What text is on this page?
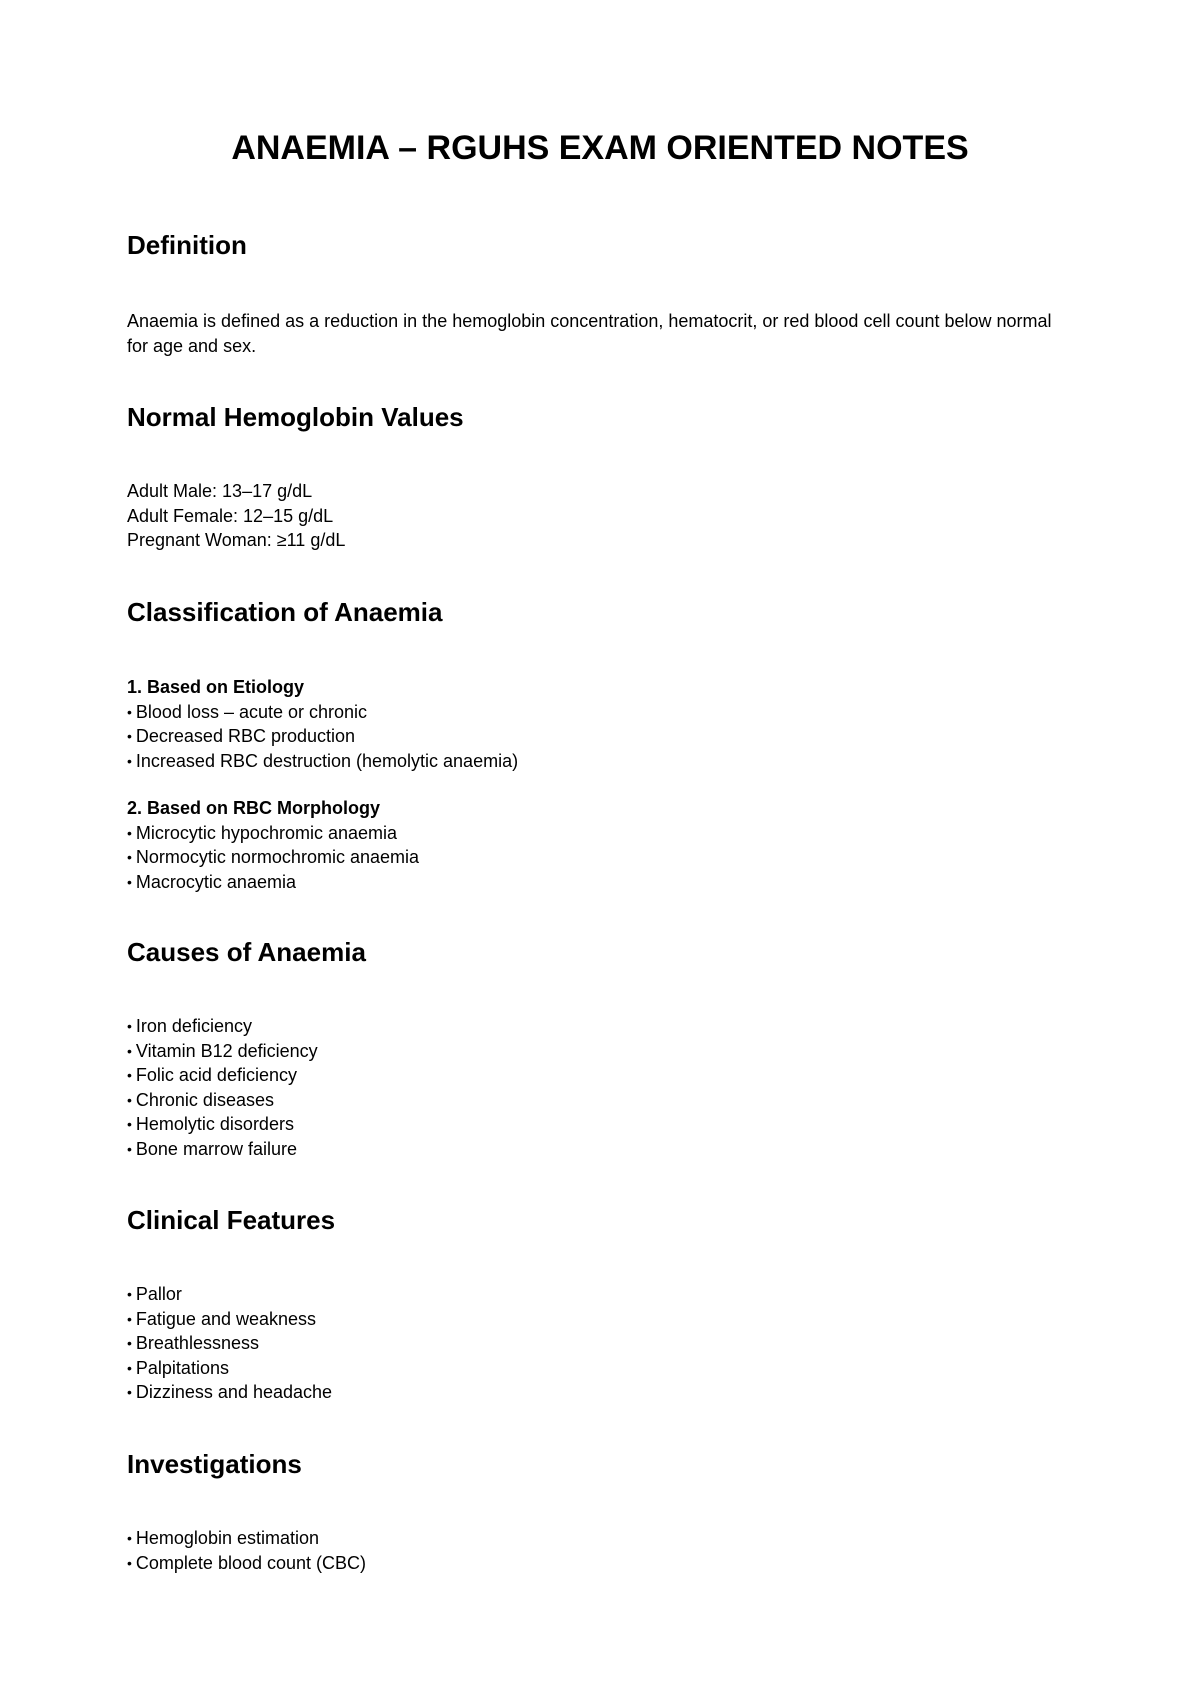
ANAEMIA – RGUHS EXAM ORIENTED NOTES
Definition

Anaemia is defined as a reduction in the hemoglobin concentration, hematocrit, or red blood cell count below normal for age and sex.

Normal Hemoglobin Values
Adult Male: 13–17 g/dL
Adult Female: 12–15 g/dL
Pregnant Woman: ≥11 g/dL
Classification of Anaemia
1. Based on Etiology
• Blood loss – acute or chronic
• Decreased RBC production
• Increased RBC destruction (hemolytic anaemia)
2. Based on RBC Morphology
• Microcytic hypochromic anaemia
• Normocytic normochromic anaemia
• Macrocytic anaemia
Causes of Anaemia
• Iron deficiency
• Vitamin B12 deficiency
• Folic acid deficiency
• Chronic diseases
• Hemolytic disorders
• Bone marrow failure
Clinical Features
• Pallor
• Fatigue and weakness
• Breathlessness
• Palpitations
• Dizziness and headache
Investigations
• Hemoglobin estimation
• Complete blood count (CBC)
